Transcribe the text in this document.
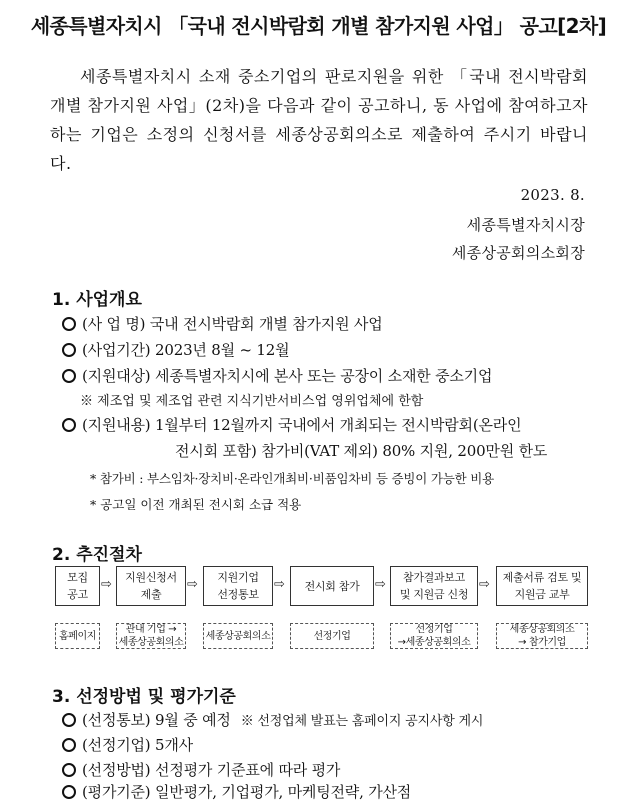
세종특별자치시 「국내 전시박람회 개별 참가지원 사업」 공고[2차]
세종특별자치시 소재 중소기업의 판로지원을 위한 「국내 전시박람회 개별 참가지원 사업」(2차)을 다음과 같이 공고하니, 동 사업에 참여하고자 하는 기업은 소정의 신청서를 세종상공회의소로 제출하여 주시기 바랍니다.
2023. 8.
세종특별자치시장
세종상공회의소회장
1. 사업개요
(사 업 명) 국내 전시박람회 개별 참가지원 사업
(사업기간) 2023년 8월 ~ 12월
(지원대상) 세종특별자치시에 본사 또는 공장이 소재한 중소기업
※ 제조업 및 제조업 관련 지식기반서비스업 영위업체에 한함
(지원내용) 1월부터 12월까지 국내에서 개최되는 전시박람회(온라인
전시회 포함) 참가비(VAT 제외) 80% 지원, 200만원 한도
* 참가비 : 부스임차·장치비·온라인개최비·비품임차비 등 증빙이 가능한 비용
* 공고일 이전 개최된 전시회 소급 적용
2. 추진절차
모집
공고
⇨ 지원신청서
제출
⇨ 지원기업
선정통보
⇨ 전시회 참가 ⇨ 참가결과보고
및 지원금 신청
⇨ 제출서류 검토 및
지원금 교부
홈페이지
관내 기업 →
세종상공회의소
세종상공회의소	선정기업
선정기업
→세종상공회의소
세종상공회의소
→ 참가기업
3. 선정방법 및 평가기준
(선정통보) 9월 중 예정 ※ 선정업체 발표는 홈페이지 공지사항 게시
(선정기업) 5개사
(선정방법) 선정평가 기준표에 따라 평가
(평가기준) 일반평가, 기업평가, 마케팅전략, 가산점
